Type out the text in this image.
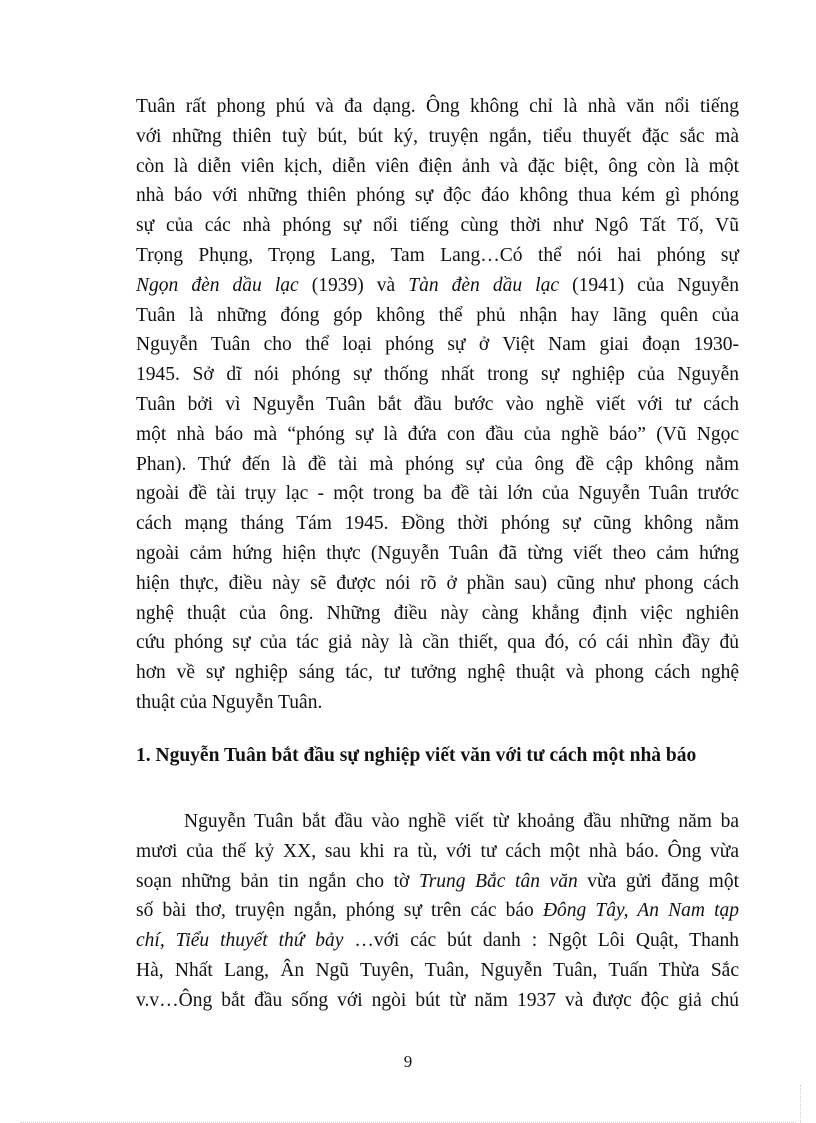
Tuân rất phong phú và đa dạng. Ông không chỉ là nhà văn nổi tiếng
với những thiên tuỳ bút, bút ký, truyện ngắn, tiểu thuyết đặc sắc mà
còn là diễn viên kịch, diễn viên điện ảnh và đặc biệt, ông còn là một
nhà báo với những thiên phóng sự độc đáo không thua kém gì phóng
sự của các nhà phóng sự nổi tiếng cùng thời như Ngô Tất Tố, Vũ
Trọng Phụng, Trọng Lang, Tam Lang…Có thể nói hai phóng sự
Ngọn đèn dầu lạc (1939) và Tàn đèn dầu lạc (1941) của Nguyễn
Tuân là những đóng góp không thể phủ nhận hay lãng quên của
Nguyễn Tuân cho thể loại phóng sự ở Việt Nam giai đoạn 1930-
1945. Sở dĩ nói phóng sự thống nhất trong sự nghiệp của Nguyễn
Tuân bởi vì Nguyễn Tuân bắt đầu bước vào nghề viết với tư cách
một nhà báo mà “phóng sự là đứa con đầu của nghề báo” (Vũ Ngọc
Phan). Thứ đến là đề tài mà phóng sự của ông đề cập không nằm
ngoài đề tài trụy lạc - một trong ba đề tài lớn của Nguyễn Tuân trước
cách mạng tháng Tám 1945. Đồng thời phóng sự cũng không nằm
ngoài cảm hứng hiện thực (Nguyễn Tuân đã từng viết theo cảm hứng
hiện thực, điều này sẽ được nói rõ ở phần sau) cũng như phong cách
nghệ thuật của ông. Những điều này càng khẳng định việc nghiên
cứu phóng sự của tác giả này là cần thiết, qua đó, có cái nhìn đầy đủ
hơn về sự nghiệp sáng tác, tư tưởng nghệ thuật và phong cách nghệ
thuật của Nguyễn Tuân.
1. Nguyễn Tuân bắt đầu sự nghiệp viết văn với tư cách một nhà báo
Nguyễn Tuân bắt đầu vào nghề viết từ khoảng đầu những năm ba
mươi của thế kỷ XX, sau khi ra tù, với tư cách một nhà báo. Ông vừa
soạn những bản tin ngắn cho tờ Trung Bắc tân văn vừa gửi đăng một
số bài thơ, truyện ngắn, phóng sự trên các báo Đông Tây, An Nam tạp
chí, Tiểu thuyết thứ bảy …với các bút danh : Ngột Lôi Quật, Thanh
Hà, Nhất Lang, Ân Ngũ Tuyên, Tuân, Nguyễn Tuân, Tuấn Thừa Sắc
v.v…Ông bắt đầu sống với ngòi bút từ năm 1937 và được độc giả chú
9
